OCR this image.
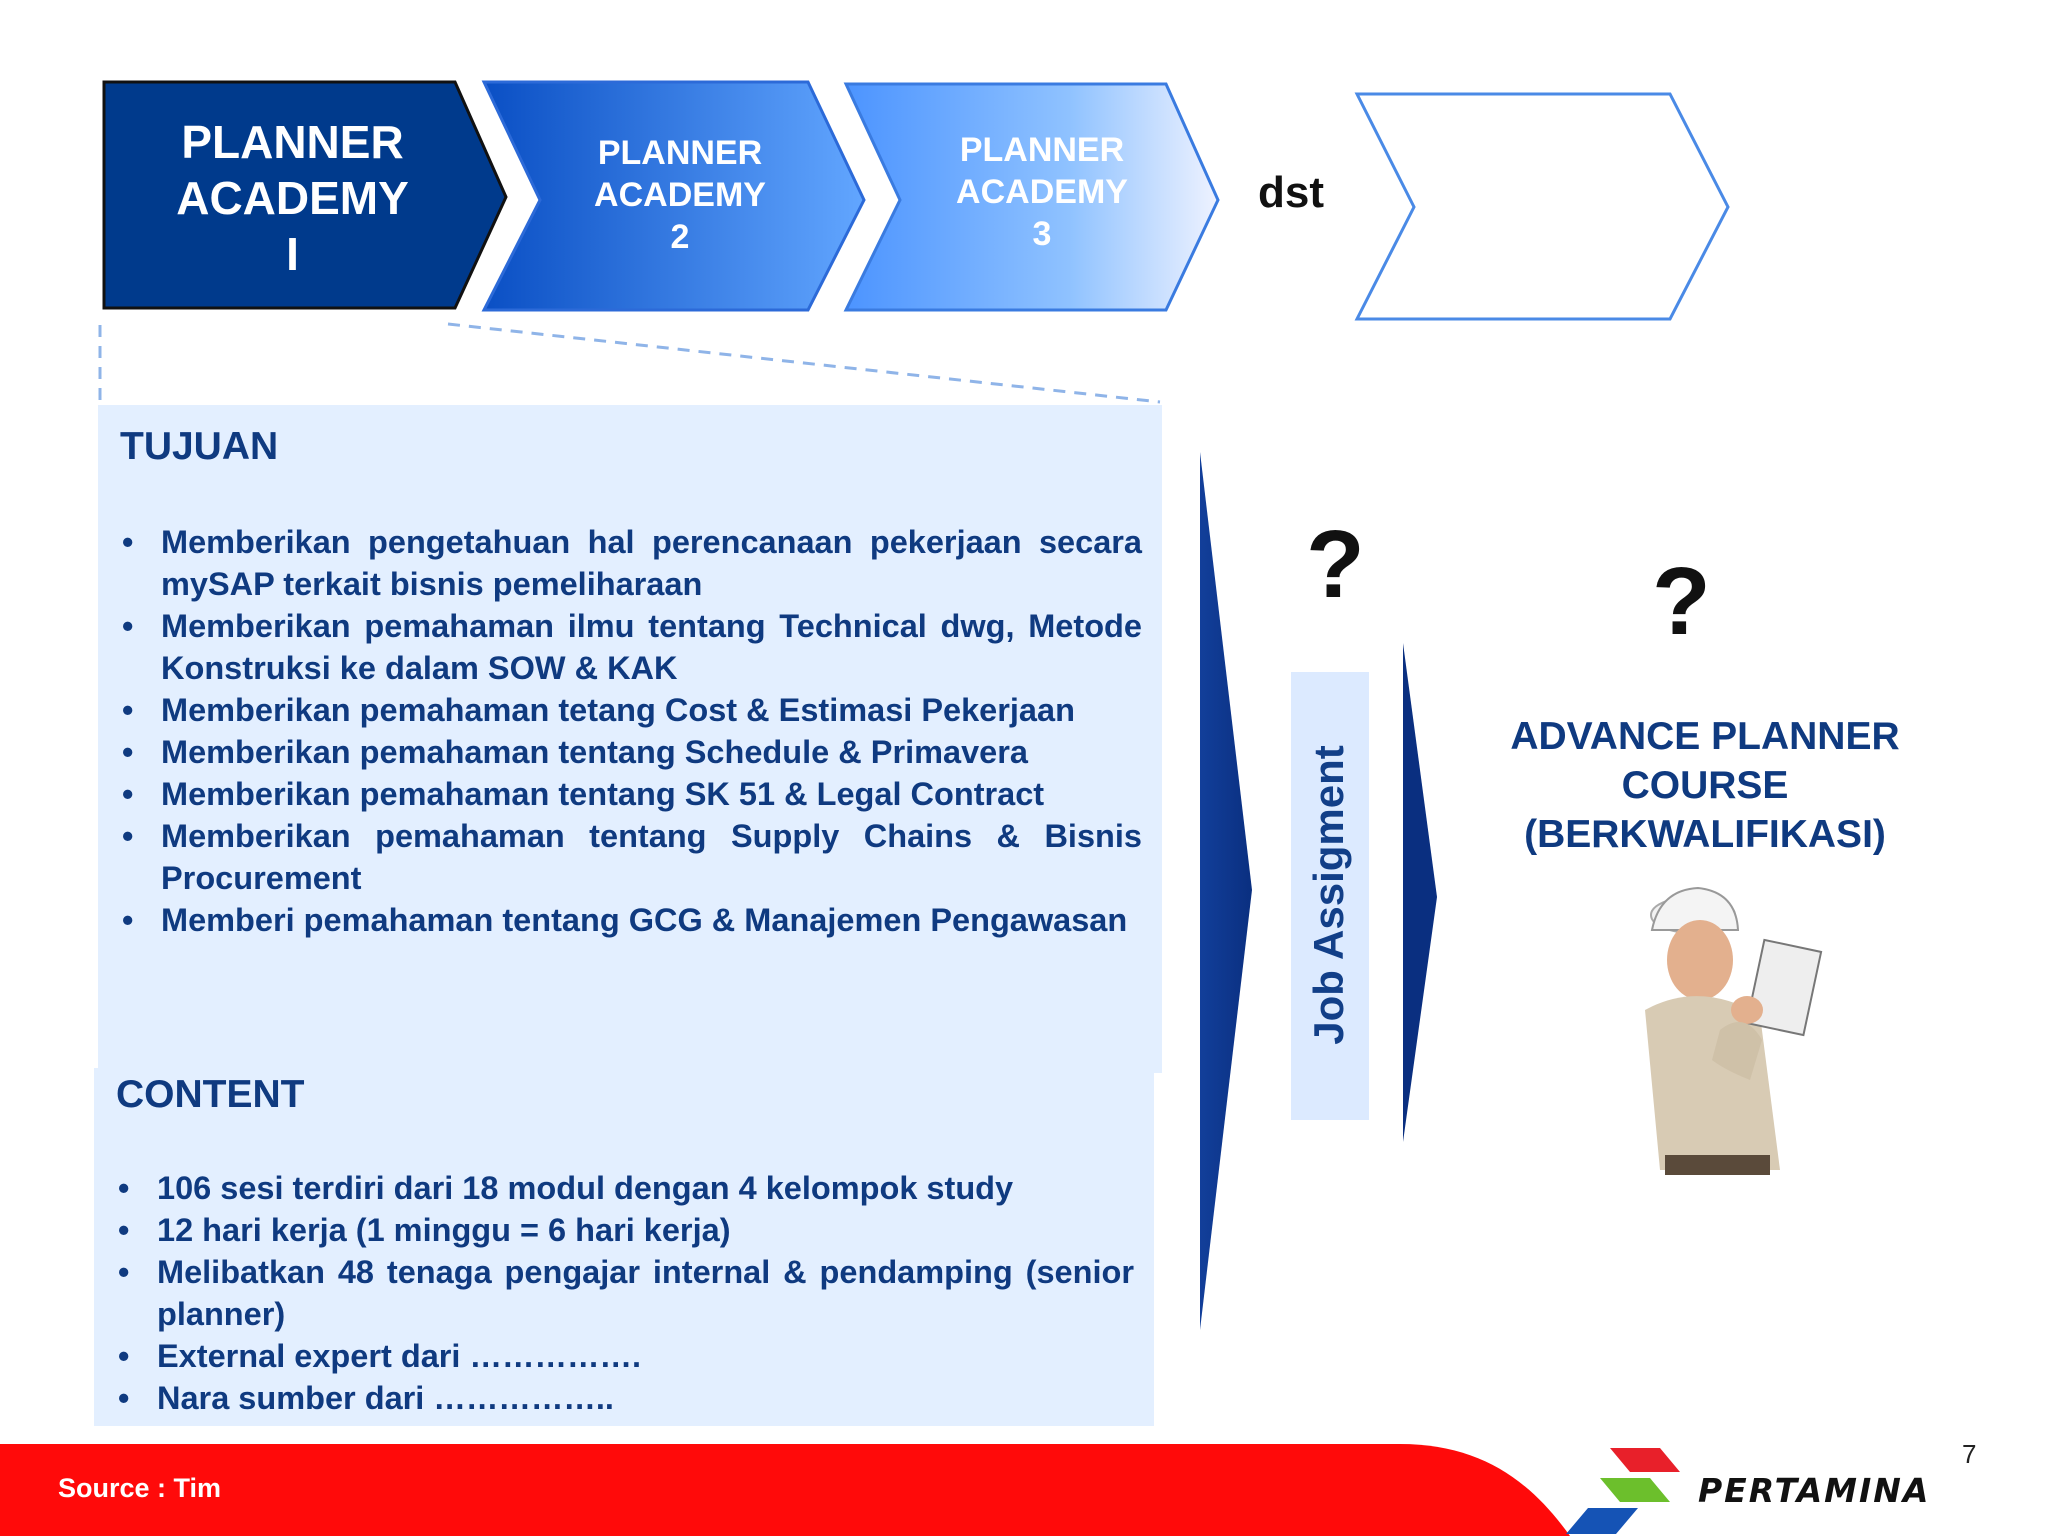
PLANNER
ACADEMY
I
PLANNER
ACADEMY
2
PLANNER
ACADEMY
3
dst
TUJUAN
• Memberikan pengetahuan hal perencanaan pekerjaan secara mySAP terkait bisnis pemeliharaan
• Memberikan pemahaman ilmu tentang Technical dwg, Metode Konstruksi ke dalam SOW & KAK
• Memberikan pemahaman tetang Cost & Estimasi Pekerjaan
• Memberikan pemahaman tentang Schedule & Primavera
• Memberikan pemahaman tentang SK 51 & Legal Contract
• Memberikan pemahaman tentang Supply Chains & Bisnis Procurement
• Memberi pemahaman tentang GCG & Manajemen Pengawasan
CONTENT
• 106 sesi terdiri dari 18 modul dengan 4 kelompok study
• 12 hari kerja (1 minggu = 6 hari kerja)
• Melibatkan 48 tenaga pengajar internal & pendamping (senior planner)
• External expert dari …………….
• Nara sumber dari ……………..
Job Assigment
?	?
ADVANCE PLANNER
COURSE
(BERKWALIFIKASI)
Source : Tim	PERTAMINA
7
